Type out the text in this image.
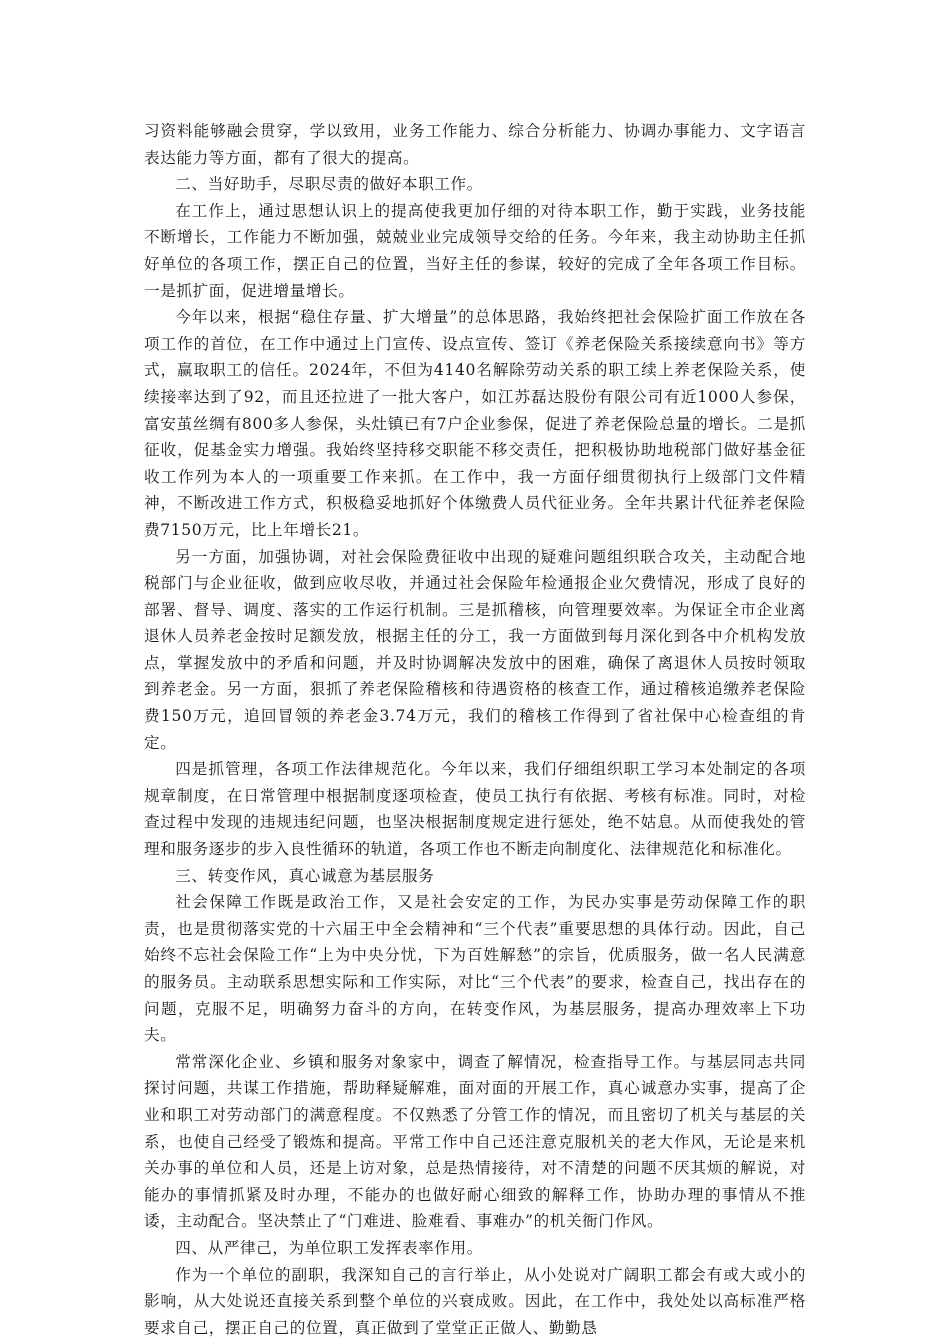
习资料能够融会贯穿，学以致用，业务工作能力、综合分析能力、协调办事能力、文字语言表达能力等方面，都有了很大的提高。

二、当好助手，尽职尽责的做好本职工作。

在工作上，通过思想认识上的提高使我更加仔细的对待本职工作，勤于实践，业务技能不断增长，工作能力不断加强，兢兢业业完成领导交给的任务。今年来，我主动协助主任抓好单位的各项工作，摆正自己的位置，当好主任的参谋，较好的完成了全年各项工作目标。一是抓扩面，促进增量增长。

今年以来，根据“稳住存量、扩大增量”的总体思路，我始终把社会保险扩面工作放在各项工作的首位，在工作中通过上门宣传、设点宣传、签订《养老保险关系接续意向书》等方式，赢取职工的信任。2024年，不但为4140名解除劳动关系的职工续上养老保险关系，使续接率达到了92，而且还拉进了一批大客户，如江苏磊达股份有限公司有近1000人参保，富安茧丝绸有800多人参保，头灶镇已有7户企业参保，促进了养老保险总量的增长。二是抓征收，促基金实力增强。我始终坚持移交职能不移交责任，把积极协助地税部门做好基金征收工作列为本人的一项重要工作来抓。在工作中，我一方面仔细贯彻执行上级部门文件精神，不断改进工作方式，积极稳妥地抓好个体缴费人员代征业务。全年共累计代征养老保险费7150万元，比上年增长21。

另一方面，加强协调，对社会保险费征收中出现的疑难问题组织联合攻关，主动配合地税部门与企业征收，做到应收尽收，并通过社会保险年检通报企业欠费情况，形成了良好的部署、督导、调度、落实的工作运行机制。三是抓稽核，向管理要效率。为保证全市企业离退休人员养老金按时足额发放，根据主任的分工，我一方面做到每月深化到各中介机构发放点，掌握发放中的矛盾和问题，并及时协调解决发放中的困难，确保了离退休人员按时领取到养老金。另一方面，狠抓了养老保险稽核和待遇资格的核查工作，通过稽核追缴养老保险费150万元，追回冒领的养老金3.74万元，我们的稽核工作得到了省社保中心检查组的肯定。

四是抓管理，各项工作法律规范化。今年以来，我们仔细组织职工学习本处制定的各项规章制度，在日常管理中根据制度逐项检查，使员工执行有依据、考核有标准。同时，对检查过程中发现的违规违纪问题，也坚决根据制度规定进行惩处，绝不姑息。从而使我处的管理和服务逐步的步入良性循环的轨道，各项工作也不断走向制度化、法律规范化和标准化。

三、转变作风，真心诚意为基层服务

社会保障工作既是政治工作，又是社会安定的工作，为民办实事是劳动保障工作的职责，也是贯彻落实党的十六届王中全会精神和“三个代表”重要思想的具体行动。因此，自己始终不忘社会保险工作“上为中央分忧，下为百姓解愁”的宗旨，优质服务，做一名人民满意的服务员。主动联系思想实际和工作实际，对比“三个代表”的要求，检查自己，找出存在的问题，克服不足，明确努力奋斗的方向，在转变作风，为基层服务，提高办理效率上下功夫。

常常深化企业、乡镇和服务对象家中，调查了解情况，检查指导工作。与基层同志共同探讨问题，共谋工作措施，帮助释疑解难，面对面的开展工作，真心诚意办实事，提高了企业和职工对劳动部门的满意程度。不仅熟悉了分管工作的情况，而且密切了机关与基层的关系，也使自己经受了锻炼和提高。平常工作中自己还注意克服机关的老大作风，无论是来机关办事的单位和人员，还是上访对象，总是热情接待，对不清楚的问题不厌其烦的解说，对能办的事情抓紧及时办理，不能办的也做好耐心细致的解释工作，协助办理的事情从不推诿，主动配合。坚决禁止了“门难进、脸难看、事难办”的机关衙门作风。

四、从严律己，为单位职工发挥表率作用。

作为一个单位的副职，我深知自己的言行举止，从小处说对广阔职工都会有或大或小的影响，从大处说还直接关系到整个单位的兴衰成败。因此，在工作中，我处处以高标准严格要求自己，摆正自己的位置，真正做到了堂堂正正做人、勤勤恳
